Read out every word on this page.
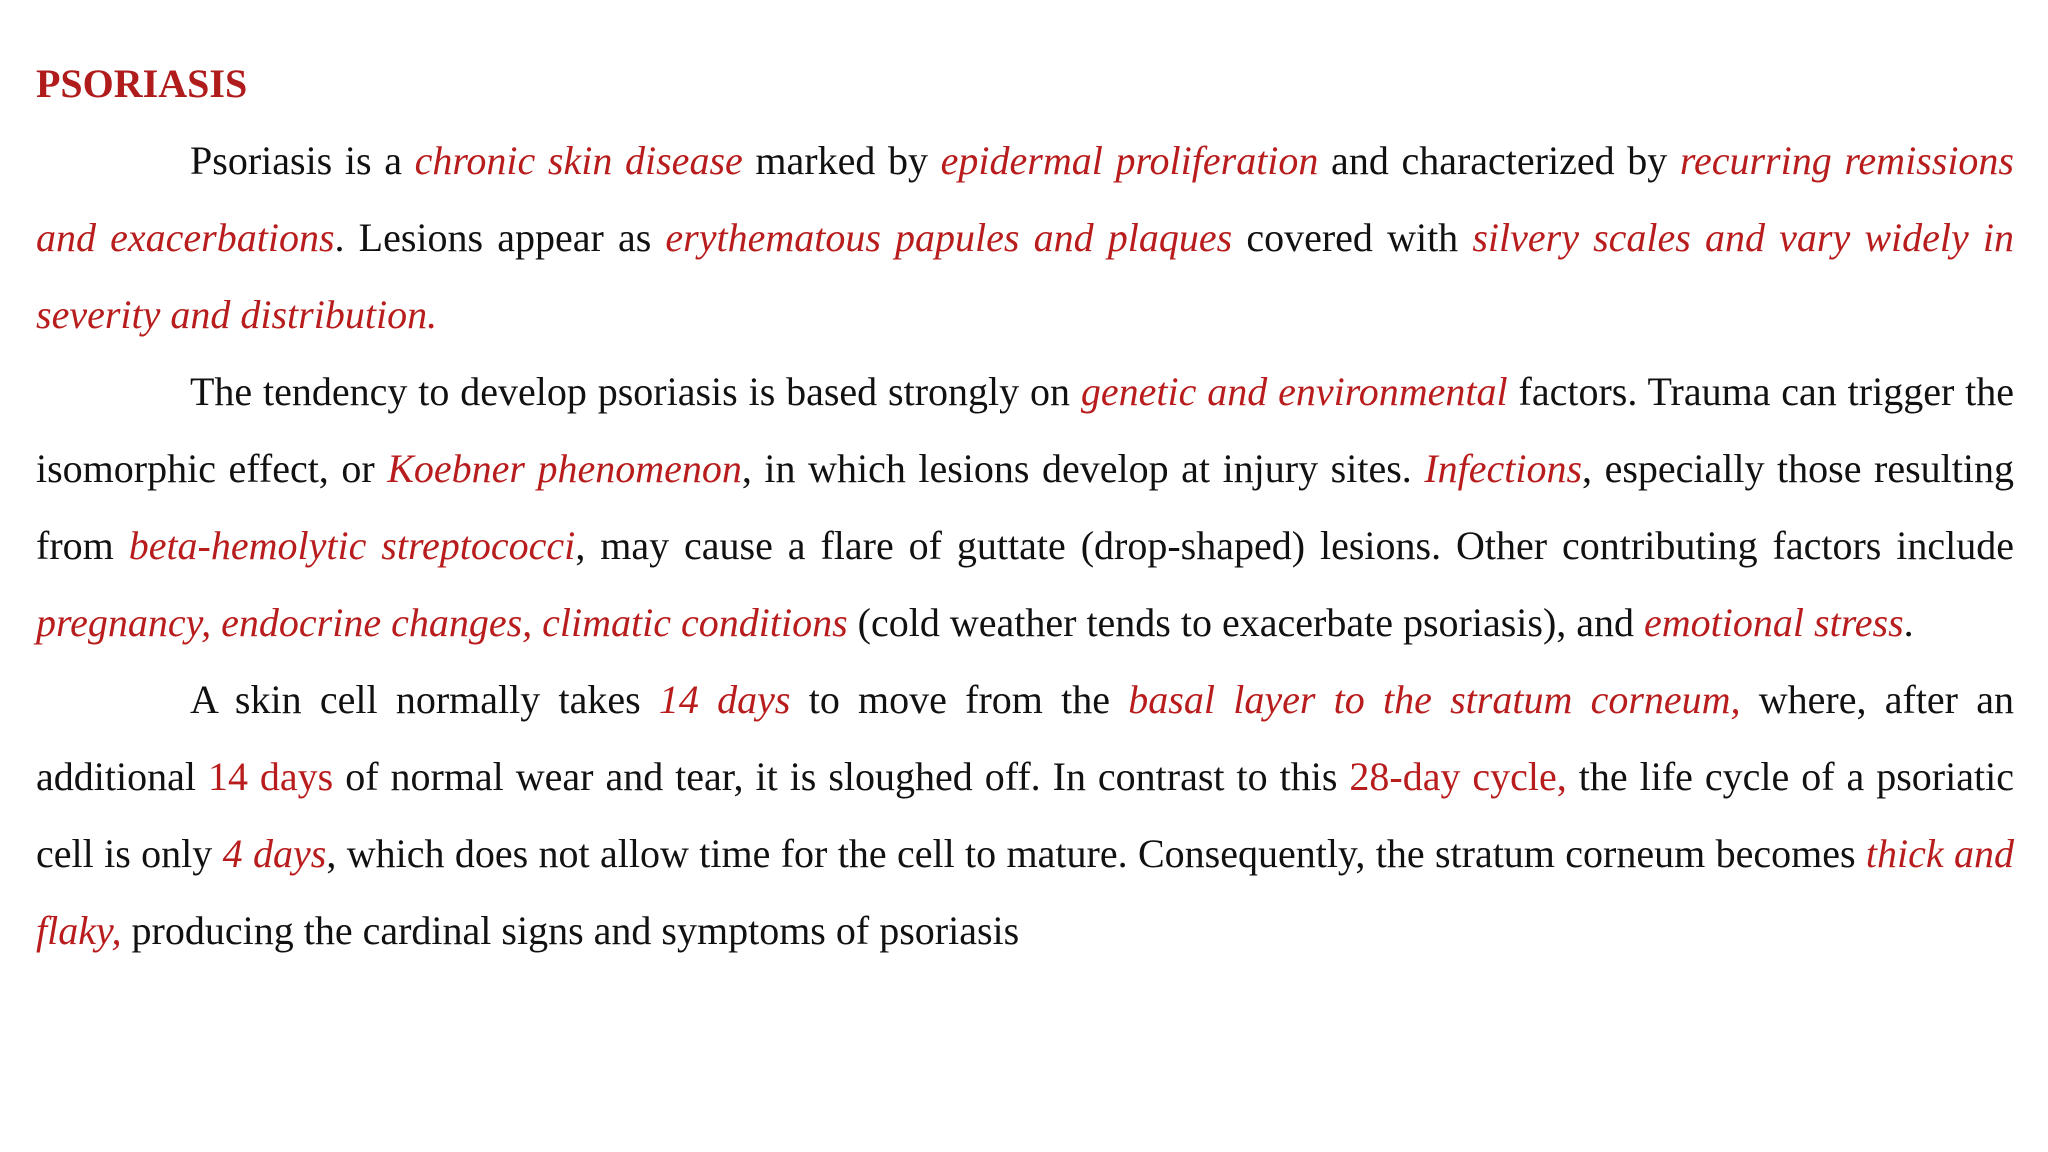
PSORIASIS

Psoriasis is a chronic skin disease marked by epidermal proliferation and characterized by recurring remissions and exacerbations. Lesions appear as erythematous papules and plaques covered with silvery scales and vary widely in severity and distribution.

The tendency to develop psoriasis is based strongly on genetic and environmental factors. Trauma can trigger the isomorphic effect, or Koebner phenomenon, in which lesions develop at injury sites. Infections, especially those resulting from beta-hemolytic streptococci, may cause a flare of guttate (drop-shaped) lesions. Other contributing factors include pregnancy, endocrine changes, climatic conditions (cold weather tends to exacerbate psoriasis), and emotional stress.

A skin cell normally takes 14 days to move from the basal layer to the stratum corneum, where, after an additional 14 days of normal wear and tear, it is sloughed off. In contrast to this 28-day cycle, the life cycle of a psoriatic cell is only 4 days, which does not allow time for the cell to mature. Consequently, the stratum corneum becomes thick and flaky, producing the cardinal signs and symptoms of psoriasis
